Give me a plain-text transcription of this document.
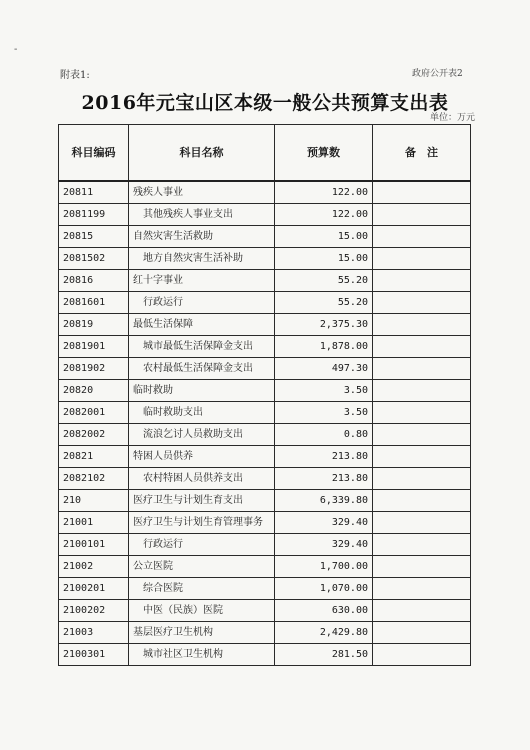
-
附表1:	政府公开表2
2016年元宝山区本级一般公共预算支出表
单位：万元
科目编码	科目名称	预算数	备　注
20811	残疾人事业	122.00	
2081199	其他残疾人事业支出	122.00	
20815	自然灾害生活救助	15.00	
2081502	地方自然灾害生活补助	15.00	
20816	红十字事业	55.20	
2081601	行政运行	55.20	
20819	最低生活保障	2,375.30	
2081901	城市最低生活保障金支出	1,878.00	
2081902	农村最低生活保障金支出	497.30	
20820	临时救助	3.50	
2082001	临时救助支出	3.50	
2082002	流浪乞讨人员救助支出	0.80	
20821	特困人员供养	213.80	
2082102	农村特困人员供养支出	213.80	
210	医疗卫生与计划生育支出	6,339.80	
21001	医疗卫生与计划生育管理事务	329.40	
2100101	行政运行	329.40	
21002	公立医院	1,700.00	
2100201	综合医院	1,070.00	
2100202	中医（民族）医院	630.00	
21003	基层医疗卫生机构	2,429.80	
2100301	城市社区卫生机构	281.50	
